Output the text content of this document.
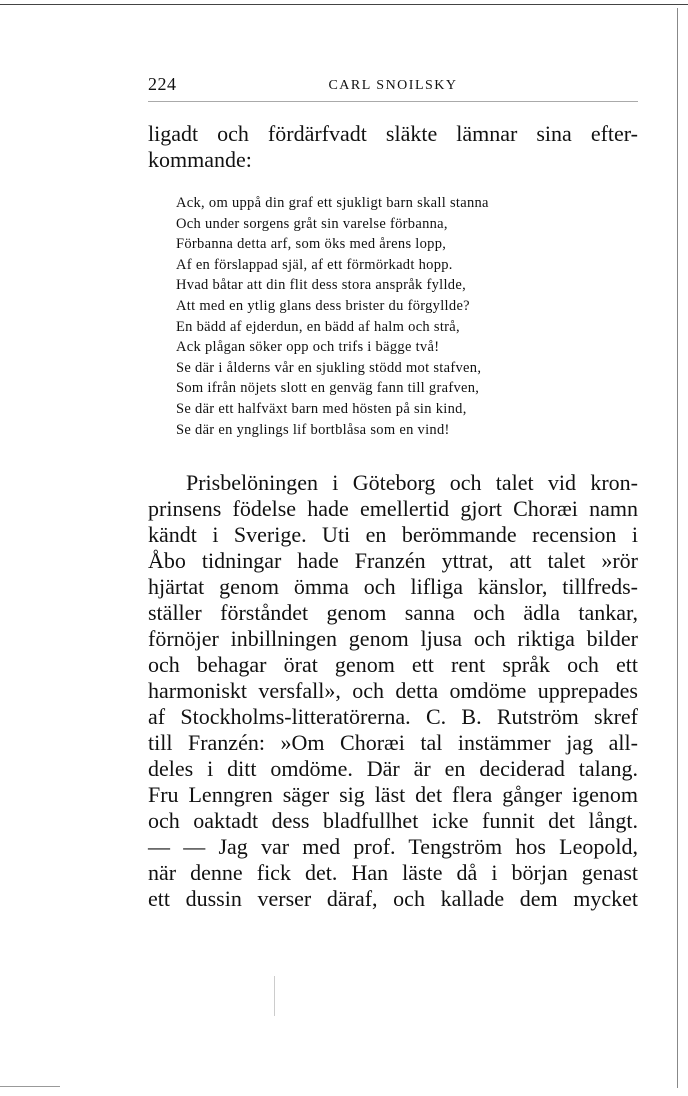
224	CARL SNOILSKY
ligadt och fördärfvadt släkte lämnar sina efter-
kommande:
Ack, om uppå din graf ett sjukligt barn skall stanna
Och under sorgens gråt sin varelse förbanna,
Förbanna detta arf, som öks med årens lopp,
Af en förslappad själ, af ett förmörkadt hopp.
Hvad båtar att din flit dess stora anspråk fyllde,
Att med en ytlig glans dess brister du förgyllde?
En bädd af ejderdun, en bädd af halm och strå,
Ack plågan söker opp och trifs i bägge två!
Se där i ålderns vår en sjukling stödd mot stafven,
Som ifrån nöjets slott en genväg fann till grafven,
Se där ett halfväxt barn med hösten på sin kind,
Se där en ynglings lif bortblåsa som en vind!
Prisbelöningen i Göteborg och talet vid kron-
prinsens födelse hade emellertid gjort Choræi namn
kändt i Sverige. Uti en berömmande recension i
Åbo tidningar hade Franzén yttrat, att talet »rör
hjärtat genom ömma och lifliga känslor, tillfreds-
ställer förståndet genom sanna och ädla tankar,
förnöjer inbillningen genom ljusa och riktiga bilder
och behagar örat genom ett rent språk och ett
harmoniskt versfall», och detta omdöme upprepades
af Stockholms-litteratörerna. C. B. Rutström skref
till Franzén: »Om Choræi tal instämmer jag all-
deles i ditt omdöme. Där är en deciderad talang.
Fru Lenngren säger sig läst det flera gånger igenom
och oaktadt dess bladfullhet icke funnit det långt.
— — Jag var med prof. Tengström hos Leopold,
när denne fick det. Han läste då i början genast
ett dussin verser däraf, och kallade dem mycket
